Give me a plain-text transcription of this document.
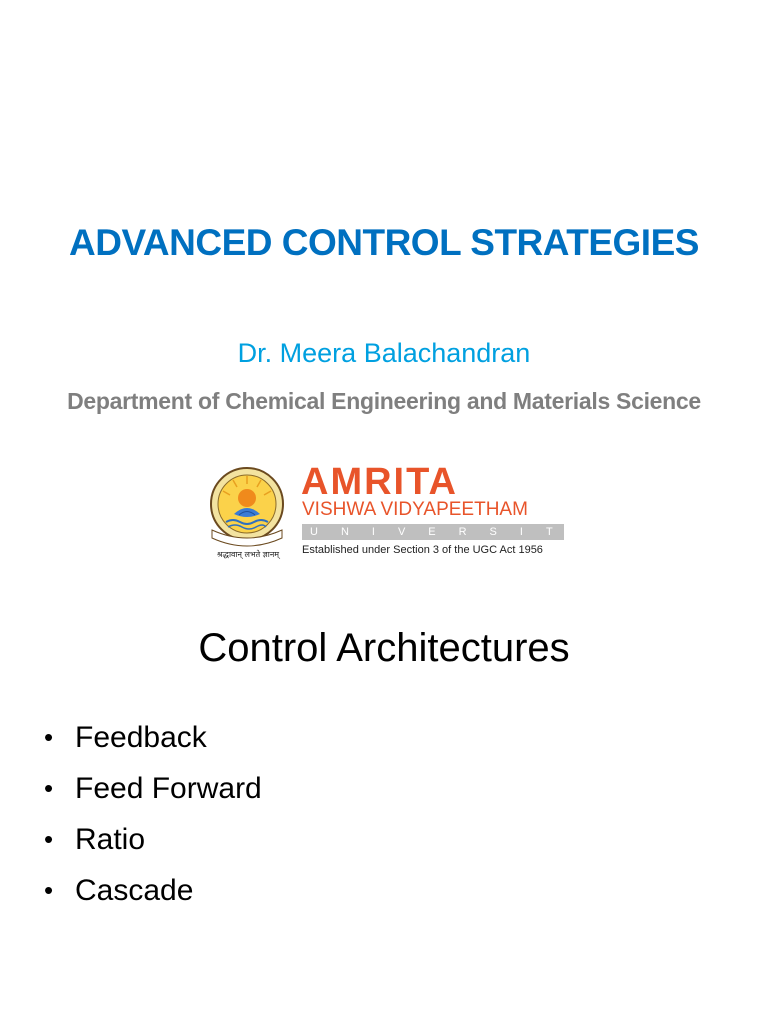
ADVANCED CONTROL STRATEGIES
Dr. Meera Balachandran
Department of Chemical Engineering and Materials Science
श्रद्धावान् लभते ज्ञानम्
AMRITA
VISHWA VIDYAPEETHAM
UNIVERSITY
Established under Section 3 of the UGC Act 1956
Control Architectures
• Feedback
• Feed Forward
• Ratio
• Cascade
